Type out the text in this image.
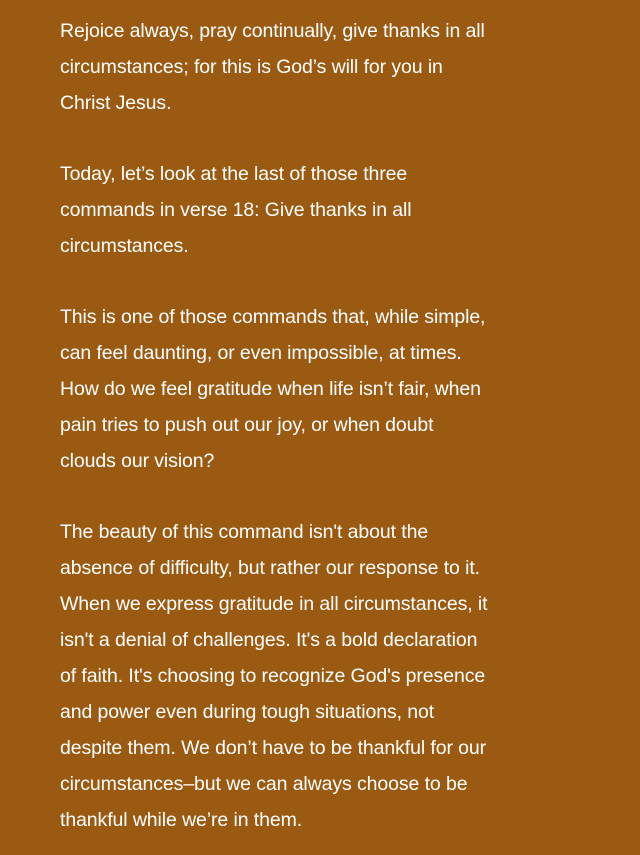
Rejoice always, pray continually, give thanks in all
circumstances; for this is God’s will for you in
Christ Jesus.

Today, let’s look at the last of those three
commands in verse 18: Give thanks in all
circumstances.

This is one of those commands that, while simple,
can feel daunting, or even impossible, at times.
How do we feel gratitude when life isn’t fair, when
pain tries to push out our joy, or when doubt
clouds our vision?

The beauty of this command isn't about the
absence of difficulty, but rather our response to it.
When we express gratitude in all circumstances, it
isn't a denial of challenges. It's a bold declaration
of faith. It's choosing to recognize God's presence
and power even during tough situations, not
despite them. We don’t have to be thankful for our
circumstances–but we can always choose to be
thankful while we’re in them.
